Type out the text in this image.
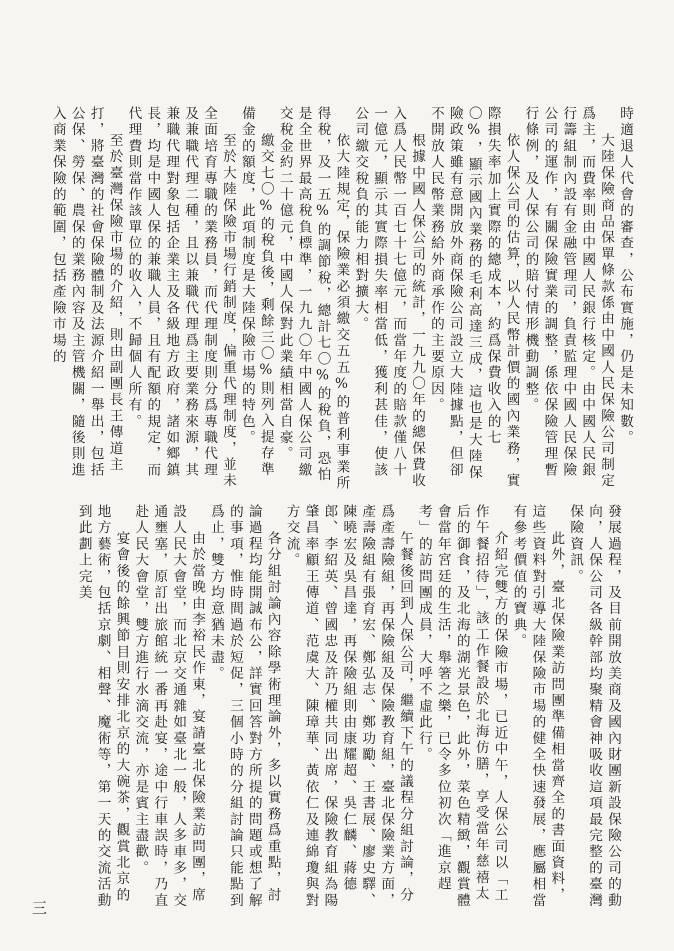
時適退人代會的審查，公布實施，仍是未知數。

大陸保險商品保單條款係由中國人民保險公司制定爲主，而費率則由中國人民銀行核定。由中國人民銀行籌組制內設有金融管理司，負責監理中國人民保險公司的運作，有關保險實業的調整，係依保險管理暫行條例，及人保公司的賠付情形機動調整。

依人保公司的估算，以人民幣計價的國內業務，實際損失率加上實際的總成本，約爲保費收入的七〇%，顯示國內業務的毛利高達三成，這也是大陸保險政策雖有意開放外商保險公司設立大陸據點，但卻不開放人民幣業務給外商承作的主要原因。

根據中國人保公司的統計，一九九〇年的總保費收入爲人民幣一百七十七億元，而當年度的賠款僅八十一億元，顯示其實際損失率相當低，獲利甚佳，使該公司繳交稅負的能力相對擴大。

依大陸規定，保險業必須繳交五五%的普利事業所得稅，及一五%的調節稅，總計七〇%的稅負，恐怕是全世界最高稅負標準，一九九〇年中國人保公司繳交稅金約二十億元，中國人保對此業績相當自豪。

繳交七〇%的稅負後，剩餘三〇%則列入提存準備金的額度，此項制度是大陸保險市場的特色。

至於大陸保險市場行銷制度，偏重代理制度，並未全面培育專職的業務員，而代理制度則分爲專職代理及兼職代理二種，且以兼職代理爲主要業務來源，其兼職代理對象包括企業主及各級地方政府，諸如鄉鎮長，均是中國人保的兼職人員，且有配額的規定，而代理費則當作該單位的收入，不歸個人所有。

至於臺灣保險市場的介紹，則由副團長王傳道主打，將臺灣的社會保險體制及法源介紹一舉出，包括公保、勞保、農保的業務內容及主管機關，隨後則進入商業保險的範圍，包括產險市場的

發展過程，及目前開放美商及國內財團新設保險公司的動向，人保公司各級幹部均聚精會神吸收這項最完整的臺灣保險資訊。

此外，臺北保險業訪問團準備相當齊全的書面資料，這些資料對引導大陸保險市場的健全快速發展，應屬相當有參考價值的寶典。

介紹完雙方的保險市場，已近中午，人保公司以「工作午餐招待」，該工作餐設於北海仿膳，享受當年慈禧太后的御食，及北海的湖光景色，此外，菜色精緻，觀賞體會當年宮廷的生活，舉箸之樂，已令多位初次「進京趕考」的訪問團成員，大呼不虛此行。

午餐後回到人保公司，繼續下午的議程分組討論，分爲產壽險組，再保險組及保險教育組，臺北保險業方面，產壽險組有張育宏、鄭弘志、鄭功勵、王書展、廖史驛、陳曉宏及吳昌達，再保險組則由康耀超、吳仁麟、蔣德郎、李紹英、曾國忠及許乃權共同出席，保險教育組為陽肇昌率顧王傳道、范虞大、陳璋華、黃依仁及連綿瓊與對方交流。

各分組討論內容除學術理論外，多以實務爲重點，討論過程均能開誠布公，詳實回答對方所提的問題或想了解的事項，惟時間過於短促，三個小時的分組討論只能點到爲止，雙方均意猶未盡。

由於當晚由李裕民作東，宴請臺北保險業訪問團，席設人民大會堂，而北京交通雜如臺北一般，人多車多，交通壅塞，原訂出旅館統一番再赴宴，途中行車誤時，乃直赴人民大會堂，雙方進行水滴交流，亦是賓主盡歡。

宴會後的餘興節目則安排北京的大碗茶，觀賞北京的地方藝術，包括京劇、相聲、魔術等，第一天的交流活動到此劃上完美

三
